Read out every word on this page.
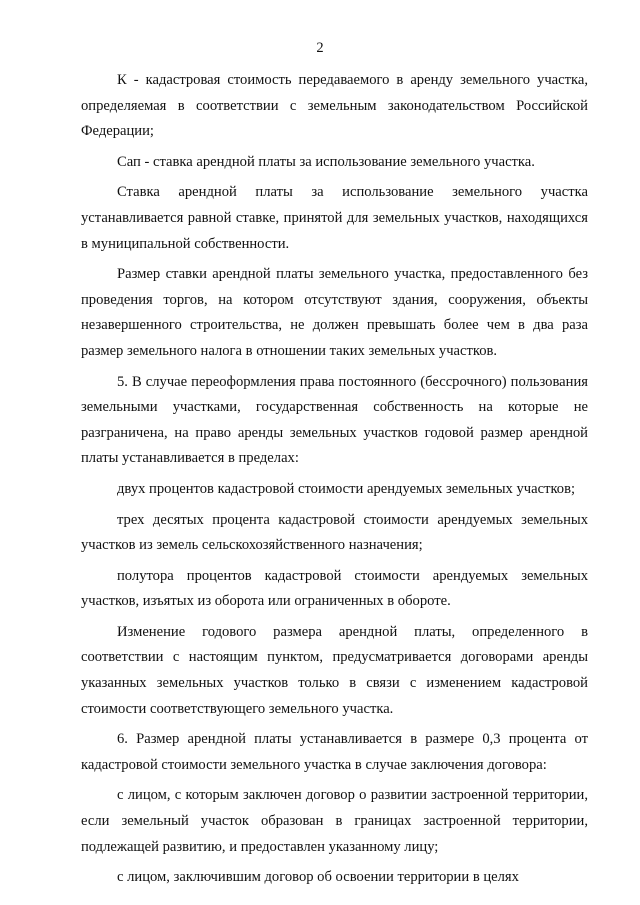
2

К - кадастровая стоимость передаваемого в аренду земельного участка, определяемая в соответствии с земельным законодательством Российской Федерации;

Сап - ставка арендной платы за использование земельного участка.

Ставка арендной платы за использование земельного участка устанавливается равной ставке, принятой для земельных участков, находящихся в муниципальной собственности.

Размер ставки арендной платы земельного участка, предоставленного без проведения торгов, на котором отсутствуют здания, сооружения, объекты незавершенного строительства, не должен превышать более чем в два раза размер земельного налога в отношении таких земельных участков.

5. В случае переоформления права постоянного (бессрочного) пользования земельными участками, государственная собственность на которые не разграничена, на право аренды земельных участков годовой размер арендной платы устанавливается в пределах:

двух процентов кадастровой стоимости арендуемых земельных участков;

трех десятых процента кадастровой стоимости арендуемых земельных участков из земель сельскохозяйственного назначения;

полутора процентов кадастровой стоимости арендуемых земельных участков, изъятых из оборота или ограниченных в обороте.

Изменение годового размера арендной платы, определенного в соответствии с настоящим пунктом, предусматривается договорами аренды указанных земельных участков только в связи с изменением кадастровой стоимости соответствующего земельного участка.

6. Размер арендной платы устанавливается в размере 0,3 процента от кадастровой стоимости земельного участка в случае заключения договора:

с лицом, с которым заключен договор о развитии застроенной территории, если земельный участок образован в границах застроенной территории, подлежащей развитию, и предоставлен указанному лицу;

с лицом, заключившим договор об освоении территории в целях
